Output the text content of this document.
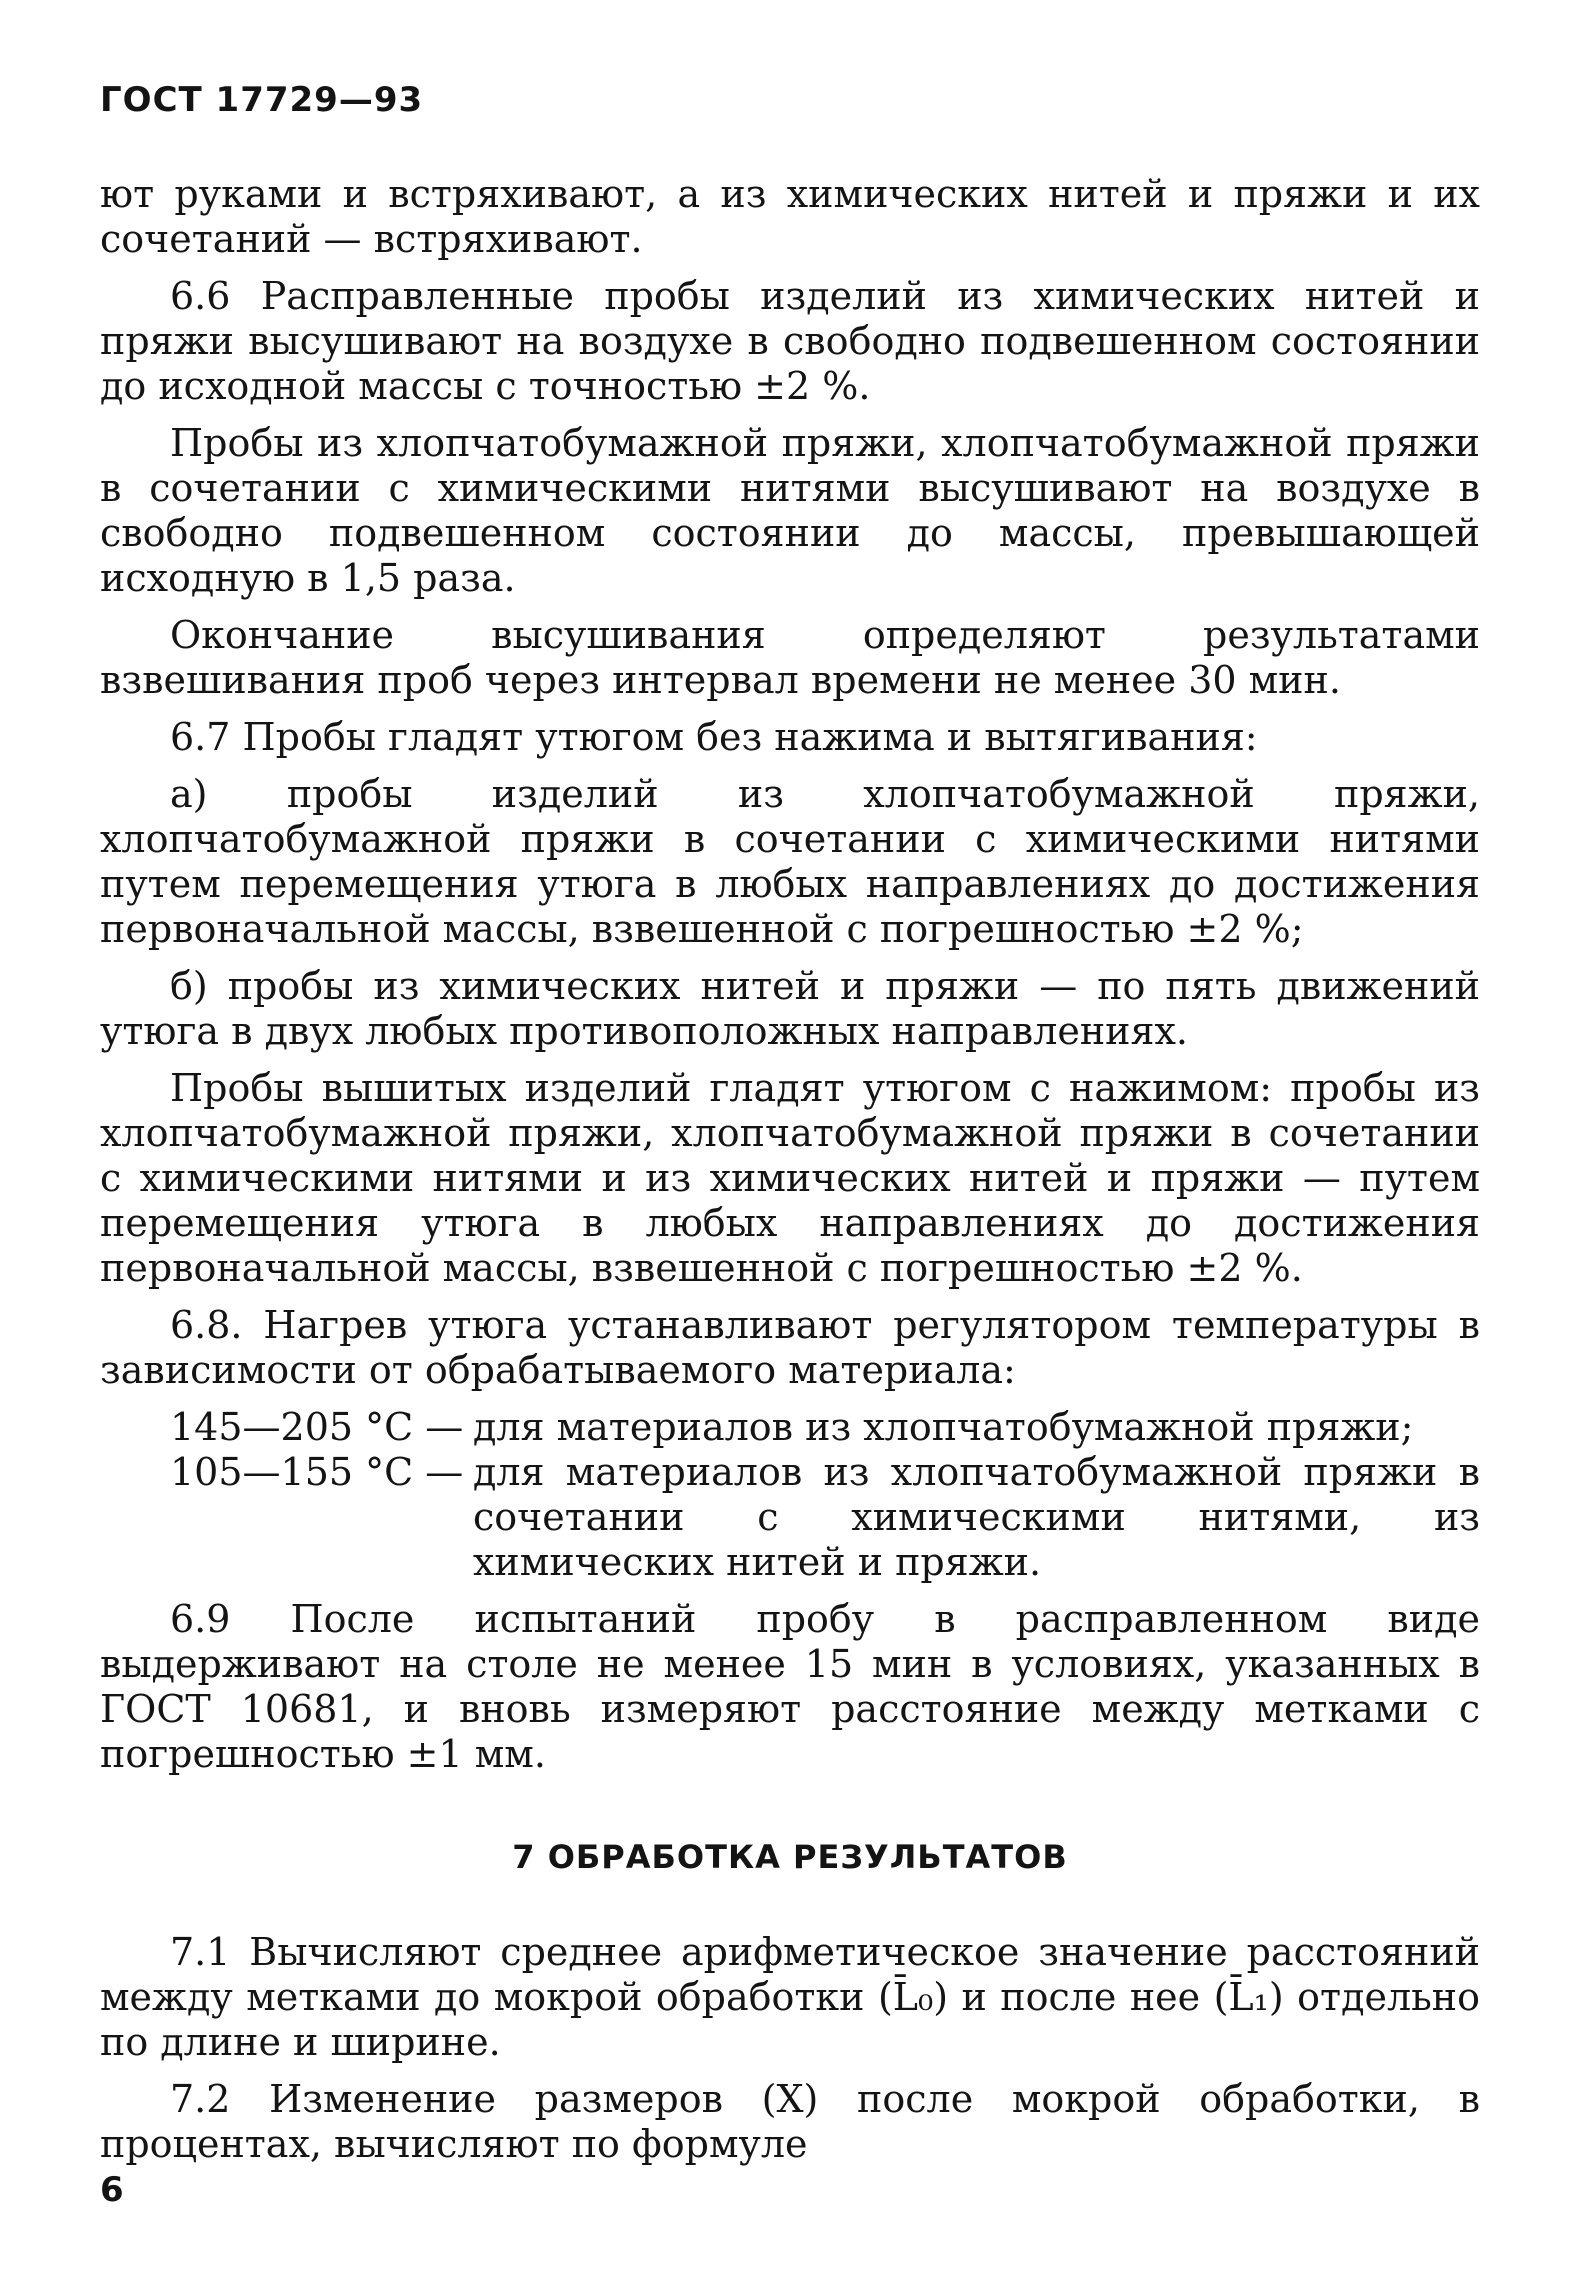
ГОСТ 17729—93

ют руками и встряхивают, а из химических нитей и пряжи и их сочетаний — встряхивают.

6.6 Расправленные пробы изделий из химических нитей и пряжи высушивают на воздухе в свободно подвешенном состоянии до исходной массы с точностью ±2 %.

Пробы из хлопчатобумажной пряжи, хлопчатобумажной пряжи в сочетании с химическими нитями высушивают на воздухе в свободно подвешенном состоянии до массы, превышающей исходную в 1,5 раза.

Окончание высушивания определяют результатами взвешивания проб через интервал времени не менее 30 мин.

6.7 Пробы гладят утюгом без нажима и вытягивания:

а) пробы изделий из хлопчатобумажной пряжи, хлопчатобумажной пряжи в сочетании с химическими нитями путем перемещения утюга в любых направлениях до достижения первоначальной массы, взвешенной с погрешностью ±2 %;

б) пробы из химических нитей и пряжи — по пять движений утюга в двух любых противоположных направлениях.

Пробы вышитых изделий гладят утюгом с нажимом: пробы из хлопчатобумажной пряжи, хлопчатобумажной пряжи в сочетании с химическими нитями и из химических нитей и пряжи — путем перемещения утюга в любых направлениях до достижения первоначальной массы, взвешенной с погрешностью ±2 %.

6.8. Нагрев утюга устанавливают регулятором температуры в зависимости от обрабатываемого материала:

145—205 °С — для материалов из хлопчатобумажной пряжи;
105—155 °С — для материалов из хлопчатобумажной пряжи в сочетании с химическими нитями, из химических нитей и пряжи.

6.9 После испытаний пробу в расправленном виде выдерживают на столе не менее 15 мин в условиях, указанных в ГОСТ 10681, и вновь измеряют расстояние между метками с погрешностью ±1 мм.

7 ОБРАБОТКА РЕЗУЛЬТАТОВ

7.1 Вычисляют среднее арифметическое значение расстояний между метками до мокрой обработки (L̄₀) и после нее (L̄₁) отдельно по длине и ширине.

7.2 Изменение размеров (X) после мокрой обработки, в процентах, вычисляют по формуле

6
